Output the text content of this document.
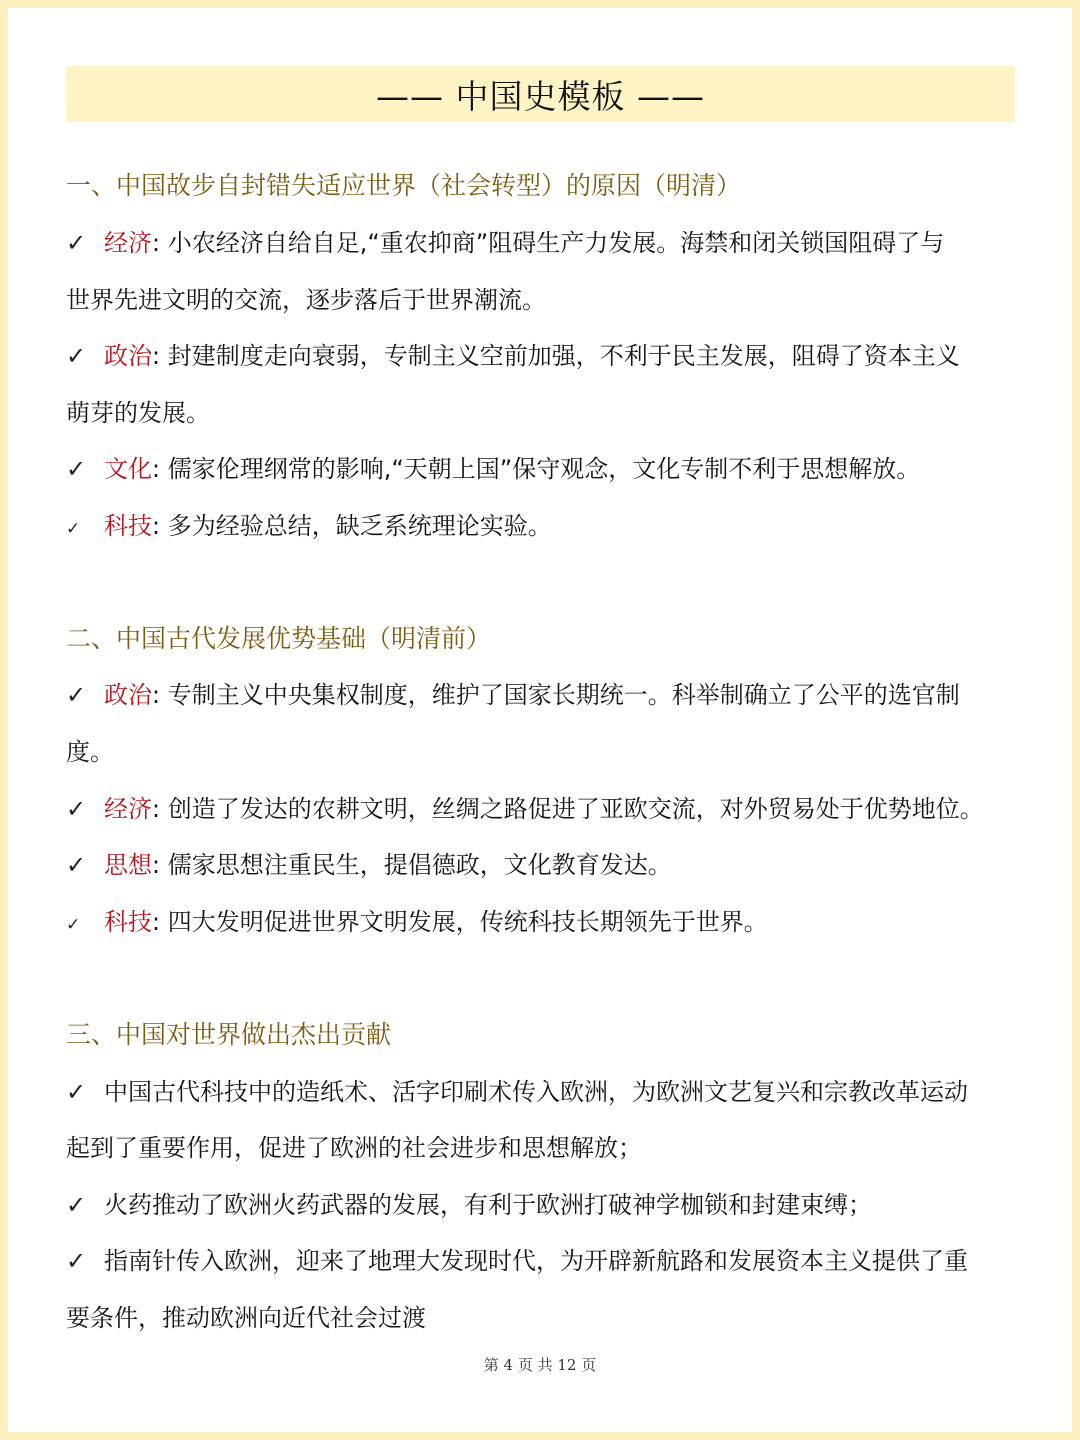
—— 中国史模板 ——
一、中国故步自封错失适应世界（社会转型）的原因（明清）
✓ 经济: 小农经济自给自足,“重农抑商”阻碍生产力发展。海禁和闭关锁国阻碍了与
世界先进文明的交流，逐步落后于世界潮流。
✓ 政治: 封建制度走向衰弱，专制主义空前加强，不利于民主发展，阻碍了资本主义
萌芽的发展。
✓ 文化: 儒家伦理纲常的影响,“天朝上国”保守观念，文化专制不利于思想解放。
✓ 科技: 多为经验总结，缺乏系统理论实验。
二、中国古代发展优势基础（明清前）
✓ 政治: 专制主义中央集权制度，维护了国家长期统一。科举制确立了公平的选官制
度。
✓ 经济: 创造了发达的农耕文明，丝绸之路促进了亚欧交流，对外贸易处于优势地位。
✓ 思想: 儒家思想注重民生，提倡德政，文化教育发达。
✓ 科技: 四大发明促进世界文明发展，传统科技长期领先于世界。
三、中国对世界做出杰出贡献
✓ 中国古代科技中的造纸术、活字印刷术传入欧洲，为欧洲文艺复兴和宗教改革运动
起到了重要作用，促进了欧洲的社会进步和思想解放；
✓ 火药推动了欧洲火药武器的发展，有利于欧洲打破神学枷锁和封建束缚；
✓ 指南针传入欧洲，迎来了地理大发现时代，为开辟新航路和发展资本主义提供了重
要条件，推动欧洲向近代社会过渡
第 4 页 共 12 页
